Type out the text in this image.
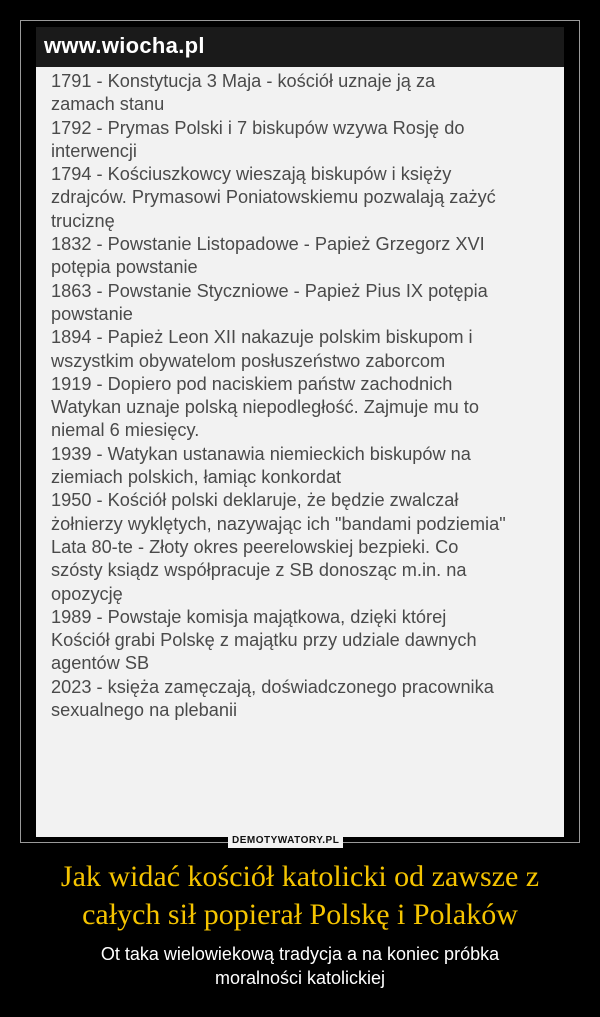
www.wiocha.pl
1791 - Konstytucja 3 Maja - kościół uznaje ją za
zamach stanu
1792 - Prymas Polski i 7 biskupów wzywa Rosję do
interwencji
1794 - Kościuszkowcy wieszają biskupów i księży
zdrajców. Prymasowi Poniatowskiemu pozwalają zażyć
truciznę
1832 - Powstanie Listopadowe - Papież Grzegorz XVI
potępia powstanie
1863 - Powstanie Styczniowe - Papież Pius IX potępia
powstanie
1894 - Papież Leon XII nakazuje polskim biskupom i
wszystkim obywatelom posłuszeństwo zaborcom
1919 - Dopiero pod naciskiem państw zachodnich
Watykan uznaje polską niepodległość. Zajmuje mu to
niemal 6 miesięcy.
1939 - Watykan ustanawia niemieckich biskupów na
ziemiach polskich, łamiąc konkordat
1950 - Kościół polski deklaruje, że będzie zwalczał
żołnierzy wyklętych, nazywając ich "bandami podziemia"
Lata 80-te - Złoty okres peerelowskiej bezpieki. Co
szósty ksiądz współpracuje z SB donosząc m.in. na
opozycję
1989 - Powstaje komisja majątkowa, dzięki której
Kościół grabi Polskę z majątku przy udziale dawnych
agentów SB
2023 - księża zamęczają, doświadczonego pracownika
sexualnego na plebanii
DEMOTYWATORY.PL
Jak widać kościół katolicki od zawsze z
całych sił popierał Polskę i Polaków
Ot taka wielowiekową tradycja a na koniec próbka
moralności katolickiej
